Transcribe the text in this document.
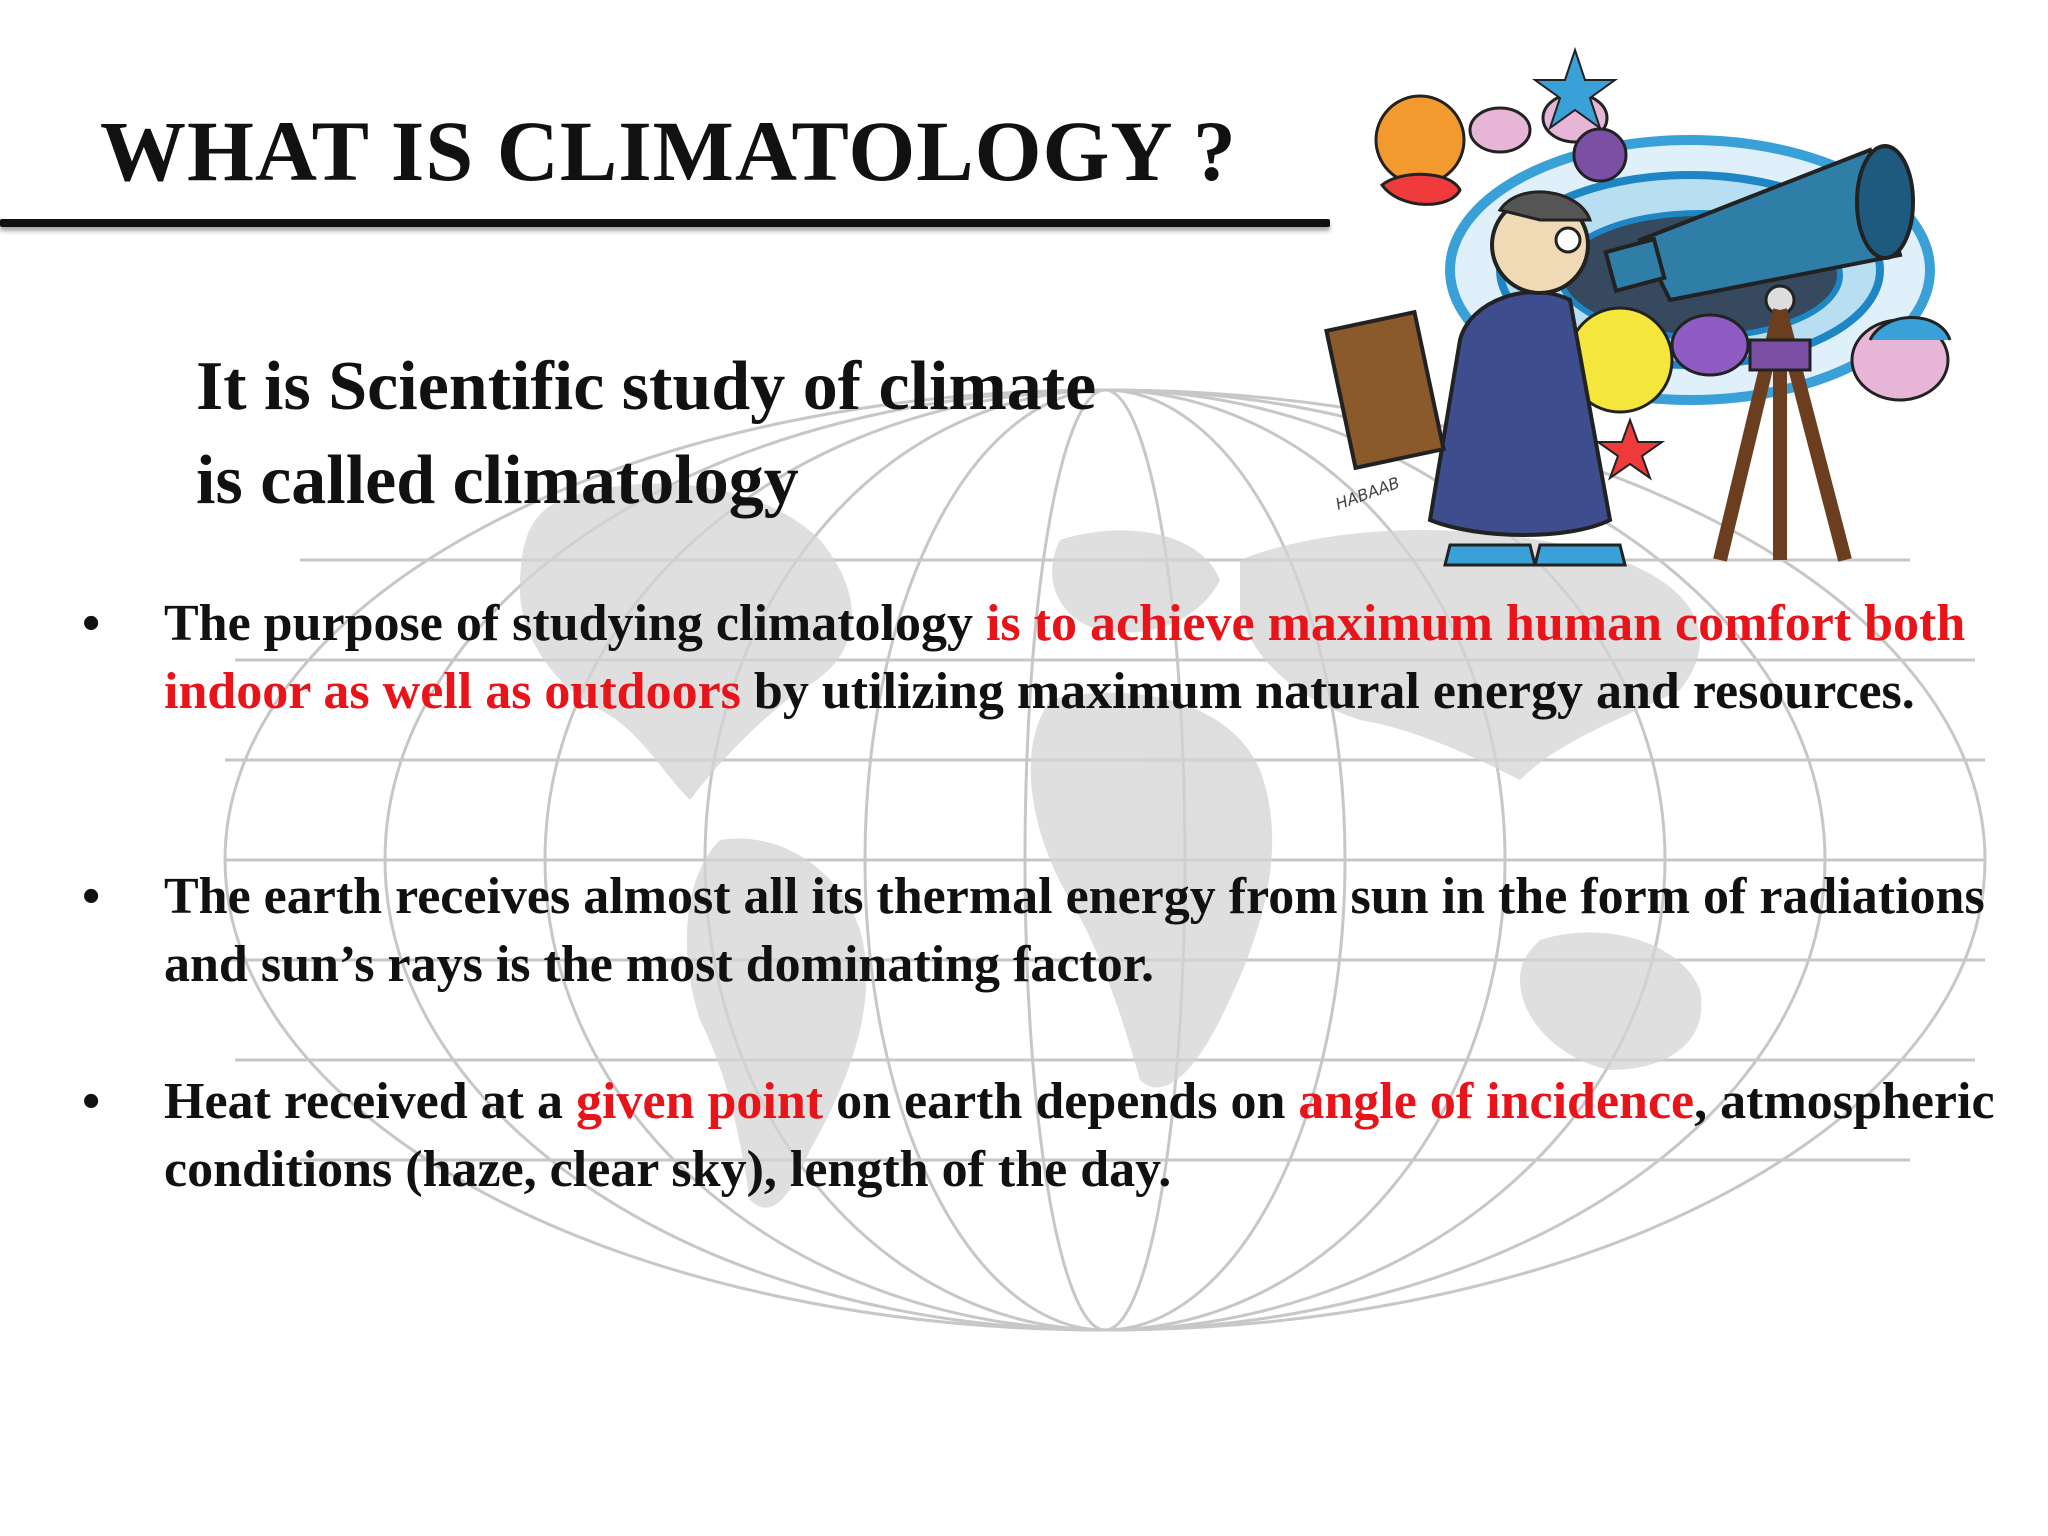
WHAT IS CLIMATOLOGY ?
It is Scientific study of climate
is called climatology
• The purpose of studying climatology is to achieve maximum human comfort both indoor as well as outdoors by utilizing maximum natural energy and resources.
• The earth receives almost all its thermal energy from sun in the form of radiations and sun’s rays is the most dominating factor.
• Heat received at a given point on earth depends on angle of incidence, atmospheric conditions (haze, clear sky), length of the day.
HABAAB
